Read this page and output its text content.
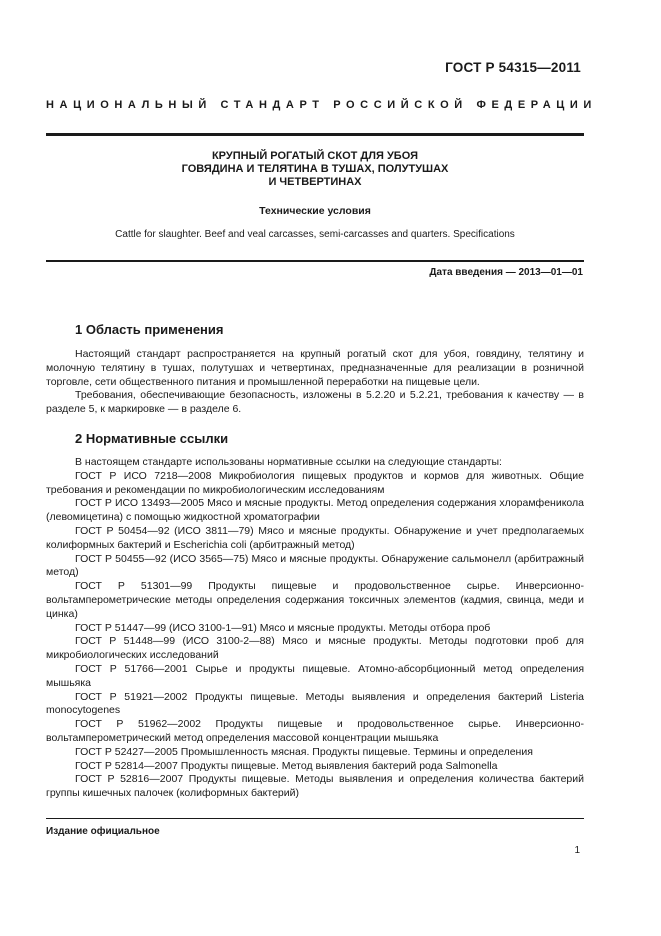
ГОСТ Р 54315—2011
НАЦИОНАЛЬНЫЙ СТАНДАРТ РОССИЙСКОЙ ФЕДЕРАЦИИ
КРУПНЫЙ РОГАТЫЙ СКОТ ДЛЯ УБОЯ
ГОВЯДИНА И ТЕЛЯТИНА В ТУШАХ, ПОЛУТУШАХ
И ЧЕТВЕРТИНАХ
Технические условия
Cattle for slaughter. Beef and veal carcasses, semi-carcasses and quarters. Specifications
Дата введения — 2013—01—01
1 Область применения

Настоящий стандарт распространяется на крупный рогатый скот для убоя, говядину, телятину и молочную телятину в тушах, полутушах и четвертинах, предназначенные для реализации в розничной торговле, сети общественного питания и промышленной переработки на пищевые цели.

Требования, обеспечивающие безопасность, изложены в 5.2.20 и 5.2.21, требования к качеству — в разделе 5, к маркировке — в разделе 6.

2 Нормативные ссылки

В настоящем стандарте использованы нормативные ссылки на следующие стандарты:

ГОСТ Р ИСО 7218—2008 Микробиология пищевых продуктов и кормов для животных. Общие требования и рекомендации по микробиологическим исследованиям

ГОСТ Р ИСО 13493—2005 Мясо и мясные продукты. Метод определения содержания хлорамфеникола (левомицетина) с помощью жидкостной хроматографии

ГОСТ Р 50454—92 (ИСО 3811—79) Мясо и мясные продукты. Обнаружение и учет предполагаемых колиформных бактерий и Escherichia coli (арбитражный метод)

ГОСТ Р 50455—92 (ИСО 3565—75) Мясо и мясные продукты. Обнаружение сальмонелл (арбитражный метод)

ГОСТ Р 51301—99 Продукты пищевые и продовольственное сырье. Инверсионно-вольтамперометрические методы определения содержания токсичных элементов (кадмия, свинца, меди и цинка)

ГОСТ Р 51447—99 (ИСО 3100-1—91) Мясо и мясные продукты. Методы отбора проб

ГОСТ Р 51448—99 (ИСО 3100-2—88) Мясо и мясные продукты. Методы подготовки проб для микробиологических исследований

ГОСТ Р 51766—2001 Сырье и продукты пищевые. Атомно-абсорбционный метод определения мышьяка

ГОСТ Р 51921—2002 Продукты пищевые. Методы выявления и определения бактерий Listeria monocytogenes

ГОСТ Р 51962—2002 Продукты пищевые и продовольственное сырье. Инверсионно-вольтамперометрический метод определения массовой концентрации мышьяка

ГОСТ Р 52427—2005 Промышленность мясная. Продукты пищевые. Термины и определения

ГОСТ Р 52814—2007 Продукты пищевые. Метод выявления бактерий рода Salmonella

ГОСТ Р 52816—2007 Продукты пищевые. Методы выявления и определения количества бактерий группы кишечных палочек (колиформных бактерий)

Издание официальное
1
